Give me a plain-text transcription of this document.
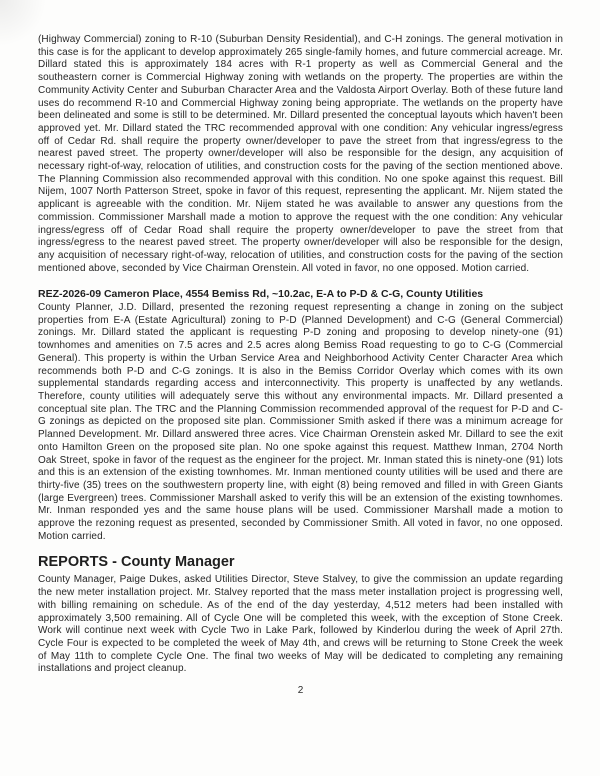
(Highway Commercial) zoning to R-10 (Suburban Density Residential), and C-H zonings. The general motivation in this case is for the applicant to develop approximately 265 single-family homes, and future commercial acreage. Mr. Dillard stated this is approximately 184 acres with R-1 property as well as Commercial General and the southeastern corner is Commercial Highway zoning with wetlands on the property. The properties are within the Community Activity Center and Suburban Character Area and the Valdosta Airport Overlay. Both of these future land uses do recommend R-10 and Commercial Highway zoning being appropriate. The wetlands on the property have been delineated and some is still to be determined. Mr. Dillard presented the conceptual layouts which haven't been approved yet. Mr. Dillard stated the TRC recommended approval with one condition: Any vehicular ingress/egress off of Cedar Rd. shall require the property owner/developer to pave the street from that ingress/egress to the nearest paved street. The property owner/developer will also be responsible for the design, any acquisition of necessary right-of-way, relocation of utilities, and construction costs for the paving of the section mentioned above. The Planning Commission also recommended approval with this condition. No one spoke against this request. Bill Nijem, 1007 North Patterson Street, spoke in favor of this request, representing the applicant. Mr. Nijem stated the applicant is agreeable with the condition. Mr. Nijem stated he was available to answer any questions from the commission. Commissioner Marshall made a motion to approve the request with the one condition: Any vehicular ingress/egress off of Cedar Road shall require the property owner/developer to pave the street from that ingress/egress to the nearest paved street. The property owner/developer will also be responsible for the design, any acquisition of necessary right-of-way, relocation of utilities, and construction costs for the paving of the section mentioned above, seconded by Vice Chairman Orenstein. All voted in favor, no one opposed. Motion carried.

REZ-2026-09 Cameron Place, 4554 Bemiss Rd, ~10.2ac, E-A to P-D & C-G, County Utilities

County Planner, J.D. Dillard, presented the rezoning request representing a change in zoning on the subject properties from E-A (Estate Agricultural) zoning to P-D (Planned Development) and C-G (General Commercial) zonings. Mr. Dillard stated the applicant is requesting P-D zoning and proposing to develop ninety-one (91) townhomes and amenities on 7.5 acres and 2.5 acres along Bemiss Road requesting to go to C-G (Commercial General). This property is within the Urban Service Area and Neighborhood Activity Center Character Area which recommends both P-D and C-G zonings. It is also in the Bemiss Corridor Overlay which comes with its own supplemental standards regarding access and interconnectivity. This property is unaffected by any wetlands. Therefore, county utilities will adequately serve this without any environmental impacts. Mr. Dillard presented a conceptual site plan. The TRC and the Planning Commission recommended approval of the request for P-D and C-G zonings as depicted on the proposed site plan. Commissioner Smith asked if there was a minimum acreage for Planned Development. Mr. Dillard answered three acres. Vice Chairman Orenstein asked Mr. Dillard to see the exit onto Hamilton Green on the proposed site plan. No one spoke against this request. Matthew Inman, 2704 North Oak Street, spoke in favor of the request as the engineer for the project. Mr. Inman stated this is ninety-one (91) lots and this is an extension of the existing townhomes. Mr. Inman mentioned county utilities will be used and there are thirty-five (35) trees on the southwestern property line, with eight (8) being removed and filled in with Green Giants (large Evergreen) trees. Commissioner Marshall asked to verify this will be an extension of the existing townhomes. Mr. Inman responded yes and the same house plans will be used. Commissioner Marshall made a motion to approve the rezoning request as presented, seconded by Commissioner Smith. All voted in favor, no one opposed. Motion carried.

REPORTS - County Manager

County Manager, Paige Dukes, asked Utilities Director, Steve Stalvey, to give the commission an update regarding the new meter installation project. Mr. Stalvey reported that the mass meter installation project is progressing well, with billing remaining on schedule. As of the end of the day yesterday, 4,512 meters had been installed with approximately 3,500 remaining. All of Cycle One will be completed this week, with the exception of Stone Creek. Work will continue next week with Cycle Two in Lake Park, followed by Kinderlou during the week of April 27th. Cycle Four is expected to be completed the week of May 4th, and crews will be returning to Stone Creek the week of May 11th to complete Cycle One. The final two weeks of May will be dedicated to completing any remaining installations and project cleanup.

2
